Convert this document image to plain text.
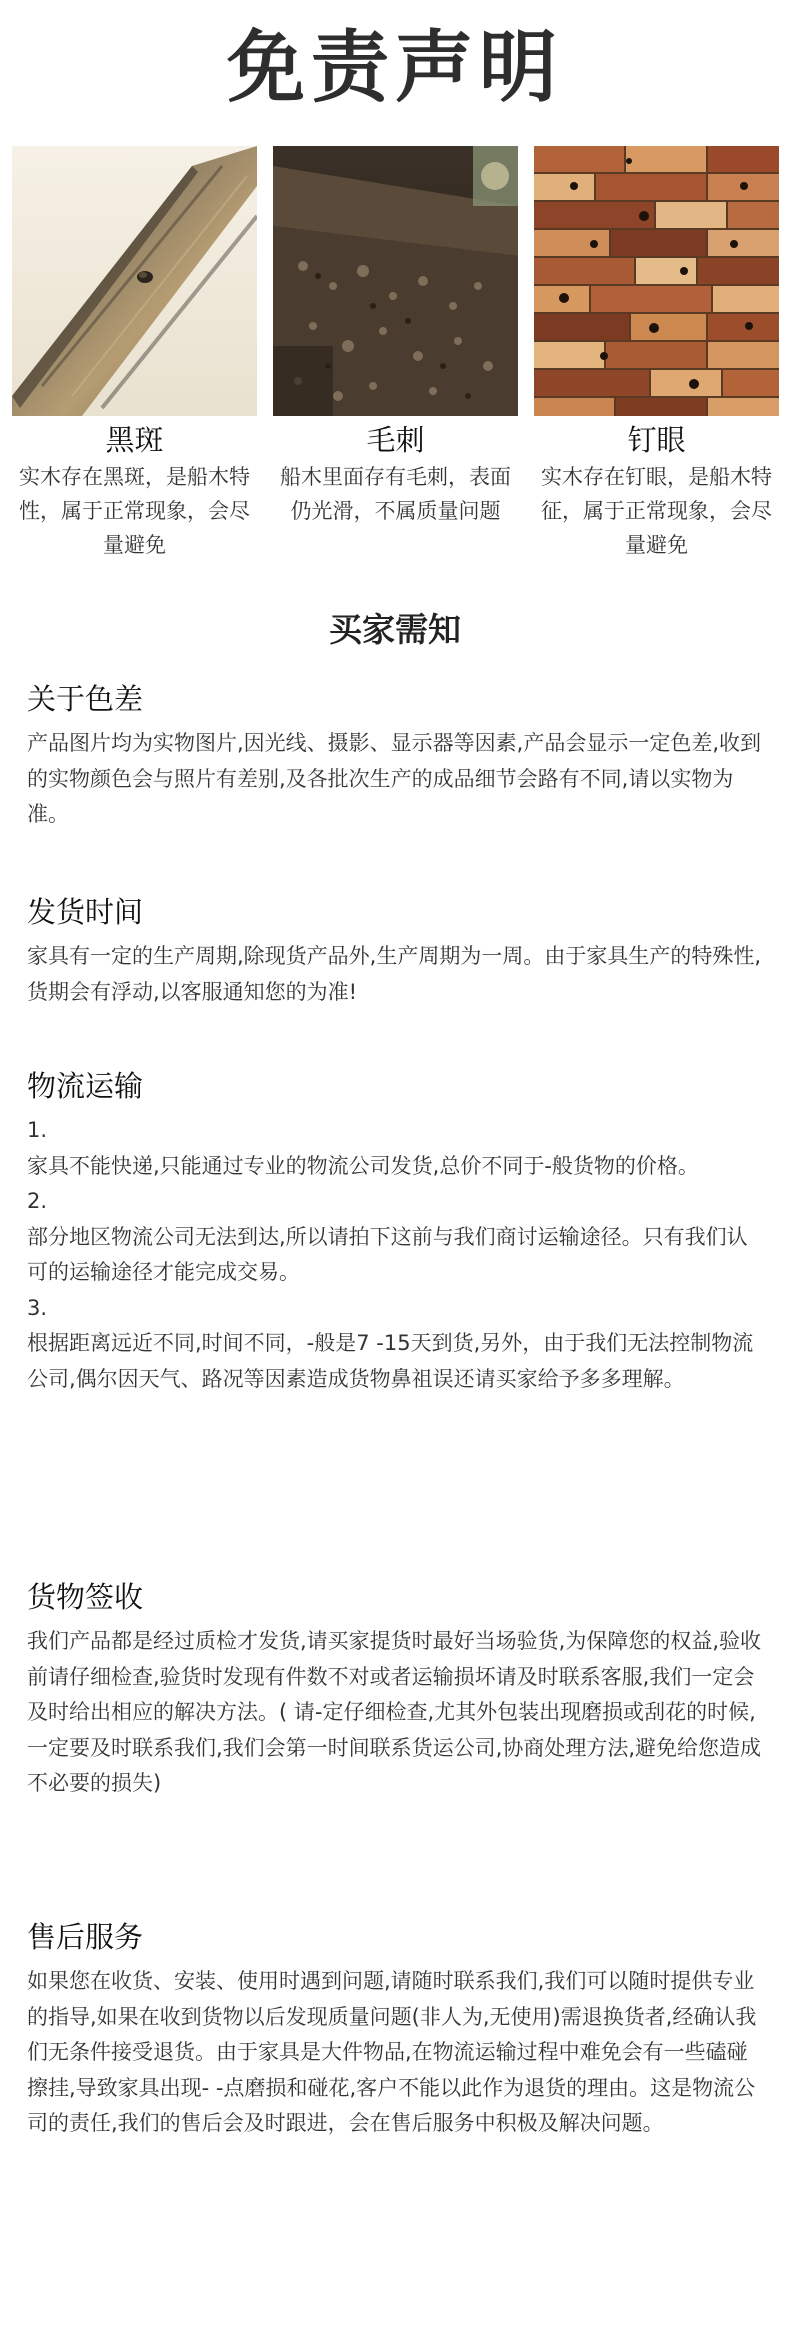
免责声明
黑斑
实木存在黑斑，是船木特性，属于正常现象，会尽量避免
毛刺
船木里面存有毛刺，表面仍光滑，不属质量问题
钉眼
实木存在钉眼，是船木特征，属于正常现象，会尽量避免
买家需知
关于色差

产品图片均为实物图片,因光线、摄影、显示器等因素,产品会显示一定色差,收到的实物颜色会与照片有差别,及各批次生产的成品细节会路有不同,请以实物为准。

发货时间

家具有一定的生产周期,除现货产品外,生产周期为一周。由于家具生产的特殊性,货期会有浮动,以客服通知您的为准!

物流运输

1.

家具不能快递,只能通过专业的物流公司发货,总价不同于-般货物的价格。

2.

部分地区物流公司无法到达,所以请拍下这前与我们商讨运输途径。只有我们认可的运输途径才能完成交易。

3.

根据距离远近不同,时间不同，-般是7 -15天到货,另外，由于我们无法控制物流公司,偶尔因天气、路况等因素造成货物鼻祖误还请买家给予多多理解。

货物签收

我们产品都是经过质检才发货,请买家提货时最好当场验货,为保障您的权益,验收前请仔细检查,验货时发现有件数不对或者运输损坏请及时联系客服,我们一定会及时给出相应的解决方法。( 请-定仔细检查,尤其外包装出现磨损或刮花的时候, 一定要及时联系我们,我们会第一时间联系货运公司,协商处理方法,避免给您造成不必要的损失)

售后服务

如果您在收货、安装、使用时遇到问题,请随时联系我们,我们可以随时提供专业的指导,如果在收到货物以后发现质量问题(非人为,无使用)需退换货者,经确认我们无条件接受退货。由于家具是大件物品,在物流运输过程中难免会有一些磕碰擦挂,导致家具出现- -点磨损和碰花,客户不能以此作为退货的理由。这是物流公司的责任,我们的售后会及时跟进，会在售后服务中积极及解决问题。
